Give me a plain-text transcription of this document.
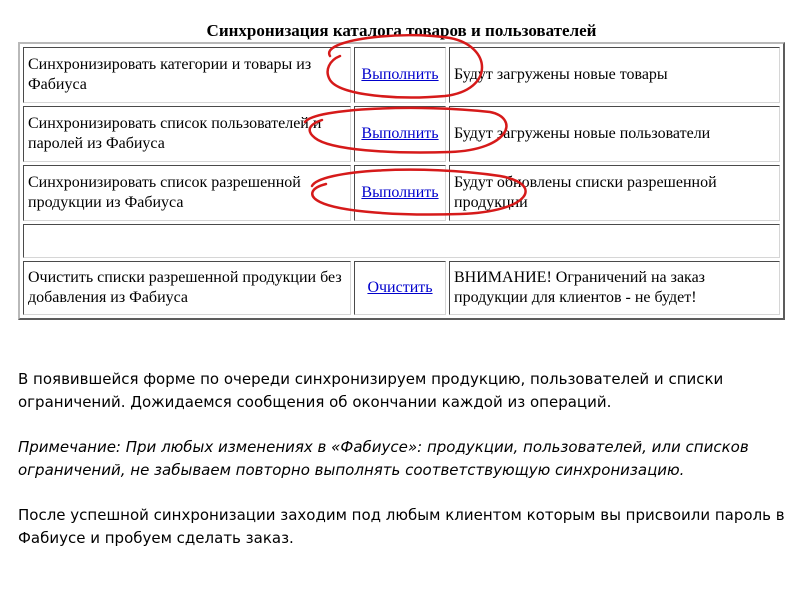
Синхронизация каталога товаров и пользователей
Синхронизировать категории и товары из Фабиуса	Выполнить	Будут загружены новые товары
Синхронизировать список пользователей и паролей из Фабиуса	Выполнить	Будут загружены новые пользователи
Синхронизировать список разрешенной продукции из Фабиуса	Выполнить	Будут обновлены списки разрешенной продукции

Очистить списки разрешенной продукции без добавления из Фабиуса	Очистить	ВНИМАНИЕ! Ограничений на заказ продукции для клиентов - не будет!

В появившейся форме по очереди синхронизируем продукцию, пользователей и списки ограничений. Дожидаемся сообщения об окончании каждой из операций.

Примечание: При любых изменениях в «Фабиусе»: продукции, пользователей, или списков ограничений, не забываем повторно выполнять соответствующую синхронизацию.

После успешной синхронизации заходим под любым клиентом которым вы присвоили пароль в Фабиусе и пробуем сделать заказ.
